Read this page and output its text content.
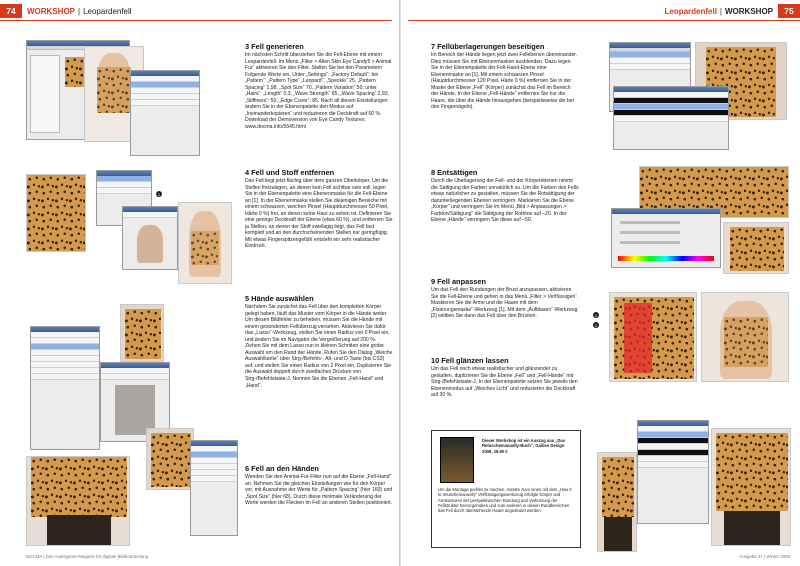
74	WORKSHOP | Leopardenfell
1
3 Fell generieren

Im nächsten Schritt überziehen Sie die Fell-Ebene mit einem Leopardenfell. Im Menü „Filter > Alien Skin Eye Candy5 > Animal Fur“ aktivieren Sie den Filter. Stellen Sie bei den Parametern Folgende Werte ein. Unter „Settings“: „Factory Default“; bei „Pattern“: „Pattern Type“ „Leopard“, „Speckle“ 25, „Pattern Spacing“ 1,98, „Spot Size“ 70, „Pattern Variation“ 50; unter „Hairs“: „Length“ 0,3, „Wave Strength“ 65, „Wave Spacing“ 2,93, „Stiffness“: 50, „Edge Cover“: 85. Nach all diesen Einstellungen ändern Sie in der Ebenenpalette den Modus auf „Ineinanderkopieren“ und reduzieren die Deckkraft auf 60 %. Download der Demoversion von Eye Candy Textures: www.docma.info/5545.html

4 Fell und Stoff entfernen

Das Fell liegt jetzt flächig über dem ganzen Oberkörper. Um die Stellen freizulegen, an denen kein Fell sichtbar sein soll, legen Sie in der Ebenenpalette eine Ebenenmaske für die Fell-Ebene an [1]. In der Ebenenmaske stellen Sie diejenigen Bereiche mit einem schwarzen, weichen Pinsel (Hauptdurchmesser 50 Pixel, Härte 0 %) frei, an denen keine Haut zu sehen ist. Definieren Sie eine geringe Deckkraft der Ebene (etwa 60 %), und entfernen Sie ja Stellen, an denen der Stoff zweilagig liegt, das Fell fast komplett und an den durchscheinenden Stellen nur geringfügig. Mit etwas Fingerspitzengefühl entsteht ein sehr realistischer Eindruck.

5 Hände auswählen

Nachdem Sie zunächst das Fell über den kompletten Körper gelegt haben, läuft das Muster vom Körper in die Hände weiter. Um diesen Bildfehler zu beheben, müssen Sie die Hände mit einem gesonderten Fellüberzug versehen. Aktivieren Sie dafür das „Lasso“-Werkzeug, stellen Sie einen Radius von 0 Pixel ein, und ändern Sie im Navigator die Vergrößerung auf 200 %. Ziehen Sie mit dem Lasso nun in kleinen Schritten eine grobe Auswahl um den Rand der Hände. Rufen Sie den Dialog „Weiche Auswahlkante“ über Strg-/Befehls-, Alt- und D-Taste (bis CS3) auf, und stellen Sie einen Radius von 2 Pixel ein. Duplizieren Sie die Auswahl doppelt durch zweifaches Drücken von Strg-/Befehlstaste-J. Nennen Sie die Ebenen „Fell-Hand“ und „Hand“.

6 Fell an den Händen

Wenden Sie den Animal-Fur-Filter nun auf die Ebene „Fell-Hand“ an. Nehmen Sie die gleichen Einstellungen wie für den Körper vor, mit Ausnahme der Werte für „Pattern Spacing“ (hier 160) und „Spot Size“ (hier 68). Durch diese minimale Veränderung der Werte werden die Flecken im Fell an anderen Stellen positioniert.

DOCMA | Das Avantgarde-Magazin für digitale Bildbearbeitung
Leopardenfell | WORKSHOP	75
7 Fellüberlagerungen beseitigen

Im Bereich der Hände liegen jetzt zwei Fellebenen übereinander. Dies müssen Sie mit Ebenenmasken ausblenden. Dazu legen Sie in der Ebenenpalette der Fell-Hand-Ebene eine Ebenenmaske an [1]. Mit einem schwarzen Pinsel (Hauptdurchmesser 120 Pixel, Härte 0 %) entfernen Sie in der Maske der Ebene „Fell“ (Körper) zunächst das Fell im Bereich der Hände. In der Ebene „Fell-Hände“ entfernen Sie nur die Haare, die über die Hände hinausgehen (beispielsweise die bei den Fingernägeln).

8 Entsättigen

Durch die Überlagerung der Fell- und der Körperebenen nimmt die Sättigung der Farben unnatürlich zu. Um die Farben des Fells etwas natürlicher zu gestalten, müssen Sie die Rotsättigung der darunterliegenden Ebenen verringern. Markieren Sie die Ebene „Körper“ und verringern Sie im Menü „Bild > Anpassungen > Farbton/Sättigung“ die Sättigung der Rottöne auf –20. In der Ebene „Hände“ verringern Sie diese auf –50.

9 Fell anpassen

Um das Fell den Rundungen der Brust anzupassen, aktivieren Sie die Fell-Ebene und gehen in das Menü „Filter > Verflüssigen“. Maskieren Sie die Arme und die Haare mit dem „Fixierungsmaske“-Werkzeug [1]. Mit dem „Aufblasen“-Werkzeug [2] wölben Sie dann das Fell über den Brüsten.

10 Fell glänzen lassen

Um das Fell noch etwas realistischer und glänzender zu gestalten, duplizieren Sie die Ebene „Fell“ und „Fell-Hände“ mit Strg-/Befehlstaste-J. In der Ebenenpalette setzen Sie jeweils den Ebenenmodus auf „Weiches Licht“ und reduzieren die Deckkraft auf 30 %.

Dieser Workshop ist ein Auszug aus „Das Retuschemanuelly-Buch“, Galileo Design 2008, 29,90 €
Um die Montage perfekt zu machen, mssste zuvo einen mit dem „How it to retuschemanuelly“ Verflüssigungswerkzeug erfolgte Körper und Armkonturen der perspektivischen Rundung und Verkürzung der Fellstruktur hervorgehoben und zum anderen in diesen Randbereichen das Fell durch überstehende Haare angedeutet werden.
1
2
Ausgabe 27 | Winter 2009
